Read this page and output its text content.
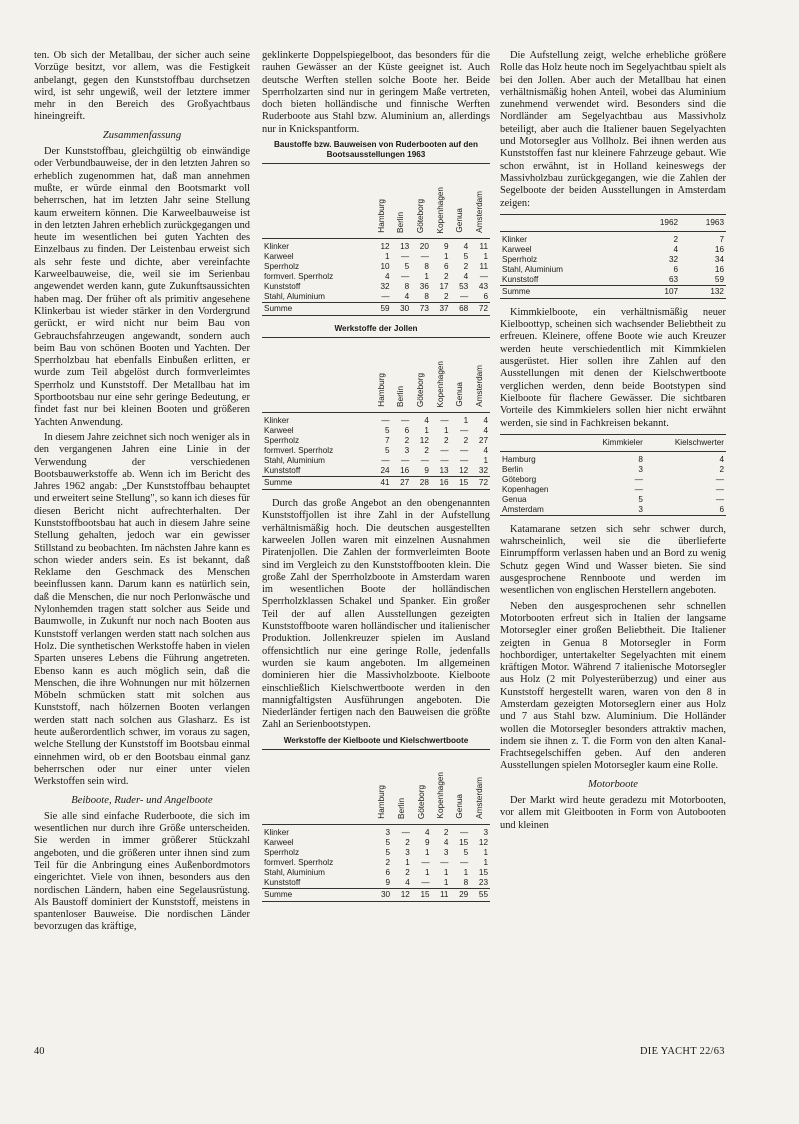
ten. Ob sich der Metallbau, der sicher auch seine Vorzüge besitzt, vor allem, was die Festigkeit anbelangt, gegen den Kunststoffbau durchsetzen wird, ist sehr ungewiß, weil der letztere immer mehr in den Bereich des Großyachtbaus hineingreift.

Zusammenfassung

Der Kunststoffbau, gleichgültig ob einwändige oder Verbundbauweise, der in den letzten Jahren so erheblich zugenommen hat, daß man annehmen mußte, er würde einmal den Bootsmarkt voll beherrschen, hat im letzten Jahr seine Stellung kaum erweitern können. Die Karweelbauweise ist in den letzten Jahren erheblich zurückgegangen und heute im wesentlichen bei guten Yachten des Einzelbaus zu finden. Der Leistenbau erweist sich als sehr feste und dichte, aber vereinfachte Karweelbauweise, die, weil sie im Serienbau angewendet werden kann, gute Zukunftsaussichten haben mag. Der früher oft als primitiv angesehene Klinkerbau ist wieder stärker in den Vordergrund gerückt, er wird nicht nur beim Bau von Gebrauchsfahrzeugen angewandt, sondern auch beim Bau von schönen Booten und Yachten. Der Sperrholzbau hat ebenfalls Einbußen erlitten, er wurde zum Teil abgelöst durch formverleimtes Sperrholz und Kunststoff. Der Metallbau hat im Sportbootsbau nur eine sehr geringe Bedeutung, er findet fast nur bei kleinen Booten und größeren Yachten Anwendung.

In diesem Jahre zeichnet sich noch weniger als in den vergangenen Jahren eine Linie in der Verwendung der verschiedenen Bootsbauwerkstoffe ab. Wenn ich im Bericht des Jahres 1962 angab: „Der Kunststoffbau behauptet und erweitert seine Stellung", so kann ich dieses für diesen Bericht nicht aufrechterhalten. Der Kunststoffbootsbau hat auch in diesem Jahre seine Stellung gehalten, jedoch war ein gewisser Stillstand zu beobachten. Im nächsten Jahre kann es schon wieder anders sein. Es ist bekannt, daß Reklame den Geschmack des Menschen beeinflussen kann. Darum kann es natürlich sein, daß die Menschen, die nur noch Perlonwäsche und Nylonhemden tragen statt solcher aus Seide und Baumwolle, in Zukunft nur noch nach Booten aus Kunststoff verlangen werden statt nach solchen aus Holz. Die synthetischen Werkstoffe haben in vielen Sparten unseres Lebens die Führung angetreten. Ebenso kann es auch möglich sein, daß die Menschen, die ihre Wohnungen nur mit hölzernen Möbeln schmücken statt mit solchen aus Kunststoff, nach hölzernen Booten verlangen werden statt nach solchen aus Glasharz. Es ist heute außerordentlich schwer, im voraus zu sagen, welche Stellung der Kunststoff im Bootsbau einmal einnehmen wird, ob er den Bootsbau einmal ganz beherrschen oder nur einer unter vielen Werkstoffen sein wird.

Beiboote, Ruder- und Angelboote

Sie alle sind einfache Ruderboote, die sich im wesentlichen nur durch ihre Größe unterscheiden. Sie werden in immer größerer Stückzahl angeboten, und die größeren unter ihnen sind zum Teil für die Anbringung eines Außenbordmotors eingerichtet. Viele von ihnen, besonders aus den nordischen Ländern, haben eine Segelausrüstung. Als Baustoff dominiert der Kunststoff, meistens in spantenloser Bauweise. Die nordischen Länder bevorzugen das kräftige,

geklinkerte Doppelspiegelboot, das besonders für die rauhen Gewässer an der Küste geeignet ist. Auch deutsche Werften stellen solche Boote her. Beide Sperrholzarten sind nur in geringem Maße vertreten, doch bieten holländische und finnische Werften Ruderboote aus Stahl bzw. Aluminium an, allerdings nur in Knickspantform.

Baustoffe bzw. Bauweisen von Ruderbooten auf den Bootsausstellungen 1963
	Hamburg	Berlin	Göteborg	Kopenhagen	Genua	Amsterdam
Klinker	12	13	20	9	4	11
Karweel	1	—	—	1	5	1
Sperrholz	10	5	8	6	2	11
formverl. Sperrholz	4	—	1	2	4	—
Kunststoff	32	8	36	17	53	43
Stahl, Aluminium	—	4	8	2	—	6
Summe	59	30	73	37	68	72
Werkstoffe der Jollen
	Hamburg	Berlin	Göteborg	Kopenhagen	Genua	Amsterdam
Klinker	—	—	4	—	1	4
Karweel	5	6	1	1	—	4
Sperrholz	7	2	12	2	2	27
formverl. Sperrholz	5	3	2	—	—	4
Stahl, Aluminium	—	—	—	—	—	1
Kunststoff	24	16	9	13	12	32
Summe	41	27	28	16	15	72

Durch das große Angebot an den obengenannten Kunststoffjollen ist ihre Zahl in der Aufstellung verhältnismäßig hoch. Die deutschen ausgestellten karweelen Jollen waren mit einzelnen Ausnahmen Piratenjollen. Die Zahlen der formverleimten Boote sind im Vergleich zu den Kunststoffbooten klein. Die große Zahl der Sperrholzboote in Amsterdam waren im wesentlichen Boote der holländischen Sperrholzklassen Schakel und Spanker. Ein großer Teil der auf allen Ausstellungen gezeigten Kunststoffboote waren holländischer und italienischer Produktion. Jollenkreuzer spielen im Ausland offensichtlich nur eine geringe Rolle, jedenfalls wurden sie kaum angeboten. Im allgemeinen dominieren hier die Massivholzboote. Kielboote einschließlich Kielschwertboote werden in den mannigfaltigsten Ausführungen angeboten. Die Niederländer fertigen nach den Bauweisen die größte Zahl an Serienbootstypen.

Werkstoffe der Kielboote und Kielschwertboote
	Hamburg	Berlin	Göteborg	Kopenhagen	Genua	Amsterdam
Klinker	3	—	4	2	—	3
Karweel	5	2	9	4	15	12
Sperrholz	5	3	1	3	5	1
formverl. Sperrholz	2	1	—	—	—	1
Stahl, Aluminium	6	2	1	1	1	15
Kunststoff	9	4	—	1	8	23
Summe	30	12	15	11	29	55

Die Aufstellung zeigt, welche erhebliche größere Rolle das Holz heute noch im Segelyachtbau spielt als bei den Jollen. Aber auch der Metallbau hat einen verhältnismäßig hohen Anteil, wobei das Aluminium zunehmend verwendet wird. Besonders sind die Nordländer am Segelyachtbau aus Massivholz beteiligt, aber auch die Italiener bauen Segelyachten und Motorsegler aus Vollholz. Bei ihnen werden aus Kunststoffen fast nur kleinere Fahrzeuge gebaut. Wie schon erwähnt, ist in Holland keineswegs der Massivholzbau zurückgegangen, wie die Zahlen der Segelboote der beiden Ausstellungen in Amsterdam zeigen:

	1962	1963
Klinker	2	7
Karweel	4	16
Sperrholz	32	34
Stahl, Aluminium	6	16
Kunststoff	63	59
Summe	107	132

Kimmkielboote, ein verhältnismäßig neuer Kielboottyp, scheinen sich wachsender Beliebtheit zu erfreuen. Kleinere, offene Boote wie auch Kreuzer werden heute verschiedentlich mit Kimmkielen ausgerüstet. Hier sollen ihre Zahlen auf den Ausstellungen mit denen der Kielschwertboote verglichen werden, denn beide Bootstypen sind Kielboote für flachere Gewässer. Die sichtbaren Vorteile des Kimmkielers sollen hier nicht erwähnt werden, sie sind in Fachkreisen bekannt.

	Kimmkieler	Kielschwerter
Hamburg	8	4
Berlin	3	2
Göteborg	—	—
Kopenhagen	—	—
Genua	5	—
Amsterdam	3	6

Katamarane setzen sich sehr schwer durch, wahrscheinlich, weil sie die überlieferte Einrumpfform verlassen haben und an Bord zu wenig Schutz gegen Wind und Wasser bieten. Sie sind ausgesprochene Rennboote und werden im wesentlichen von englischen Herstellern angeboten.

Neben den ausgesprochenen sehr schnellen Motorbooten erfreut sich in Italien der langsame Motorsegler einer großen Beliebtheit. Die Italiener zeigten in Genua 8 Motorsegler in Form hochbordiger, untertakelter Segelyachten mit einem kräftigen Motor. Während 7 italienische Motorsegler aus Holz (2 mit Polyesterüberzug) und einer aus Kunststoff hergestellt waren, waren von den 8 in Amsterdam gezeigten Motorseglern einer aus Holz und 7 aus Stahl bzw. Aluminium. Die Holländer wollen die Motorsegler besonders attraktiv machen, indem sie ihnen z. T. die Form von den alten Kanal-Frachtsegelschiffen geben. Auf den anderen Ausstellungen spielen Motorsegler kaum eine Rolle.

Motorboote

Der Markt wird heute geradezu mit Motorbooten, vor allem mit Gleitbooten in Form von Autobooten und kleinen

40	DIE YACHT 22/63
